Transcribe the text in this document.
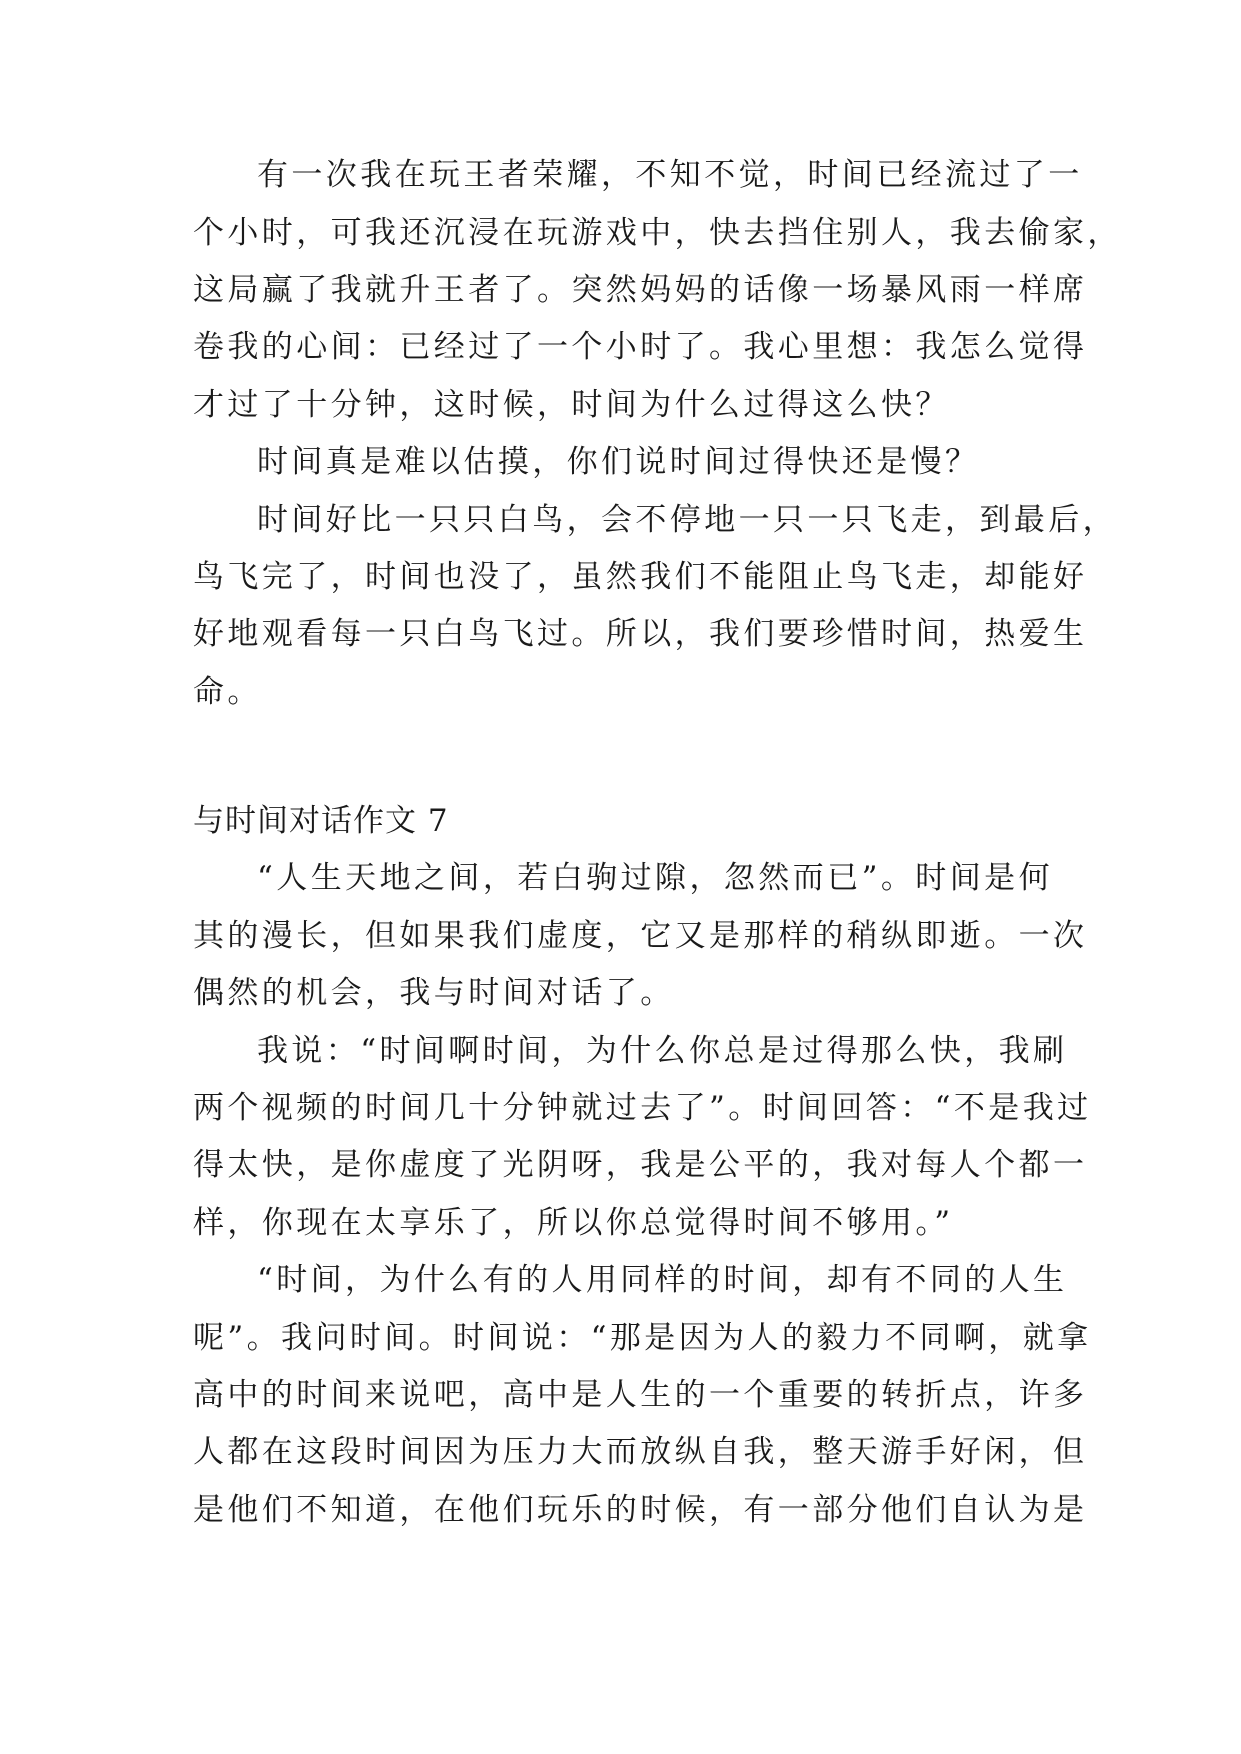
有一次我在玩王者荣耀，不知不觉，时间已经流过了一
个小时，可我还沉浸在玩游戏中，快去挡住别人，我去偷家，
这局赢了我就升王者了。突然妈妈的话像一场暴风雨一样席
卷我的心间：已经过了一个小时了。我心里想：我怎么觉得
才过了十分钟，这时候，时间为什么过得这么快？
时间真是难以估摸，你们说时间过得快还是慢？
时间好比一只只白鸟，会不停地一只一只飞走，到最后，
鸟飞完了，时间也没了，虽然我们不能阻止鸟飞走，却能好
好地观看每一只白鸟飞过。所以，我们要珍惜时间，热爱生
命。
与时间对话作文 7
“人生天地之间，若白驹过隙，忽然而已”。时间是何
其的漫长，但如果我们虚度，它又是那样的稍纵即逝。一次
偶然的机会，我与时间对话了。
我说：“时间啊时间，为什么你总是过得那么快，我刷
两个视频的时间几十分钟就过去了”。时间回答：“不是我过
得太快，是你虚度了光阴呀，我是公平的，我对每人个都一
样，你现在太享乐了，所以你总觉得时间不够用。”
“时间，为什么有的人用同样的时间，却有不同的人生
呢”。我问时间。时间说：“那是因为人的毅力不同啊，就拿
高中的时间来说吧，高中是人生的一个重要的转折点，许多
人都在这段时间因为压力大而放纵自我，整天游手好闲，但
是他们不知道，在他们玩乐的时候，有一部分他们自认为是
